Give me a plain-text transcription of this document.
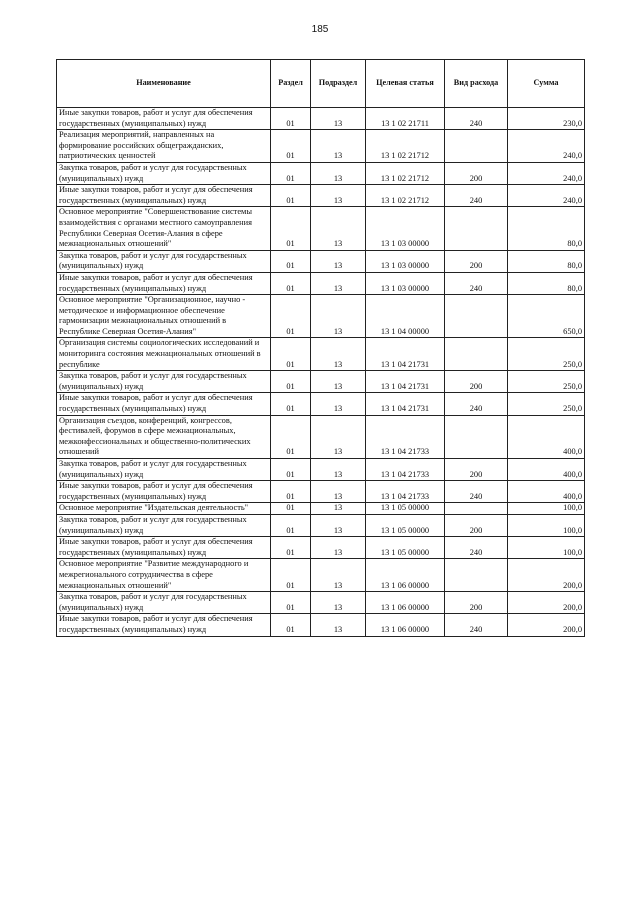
185
Наименование	Раздел	Подраздел	Целевая статья	Вид расхода	Сумма
Иные закупки товаров, работ и услуг для обеспечения государственных (муниципальных) нужд	01	13	13 1 02 21711	240	230,0
Реализация мероприятий, направленных на формирование российских общегражданских, патриотических ценностей	01	13	13 1 02 21712		240,0
Закупка товаров, работ и услуг для государственных (муниципальных) нужд	01	13	13 1 02 21712	200	240,0
Иные закупки товаров, работ и услуг для обеспечения государственных (муниципальных) нужд	01	13	13 1 02 21712	240	240,0
Основное мероприятие "Совершенствование системы взаимодействия с органами местного самоуправления Республики Северная Осетия-Алания в сфере межнациональных отношений"	01	13	13 1 03 00000		80,0
Закупка товаров, работ и услуг для государственных (муниципальных) нужд	01	13	13 1 03 00000	200	80,0
Иные закупки товаров, работ и услуг для обеспечения государственных (муниципальных) нужд	01	13	13 1 03 00000	240	80,0
Основное мероприятие "Организационное, научно - методическое и информационное обеспечение гармонизации межнациональных отношений в Республике Северная Осетия-Алания"	01	13	13 1 04 00000		650,0
Организация системы социологических исследований и мониторинга состояния межнациональных отношений в республике	01	13	13 1 04 21731		250,0
Закупка товаров, работ и услуг для государственных (муниципальных) нужд	01	13	13 1 04 21731	200	250,0
Иные закупки товаров, работ и услуг для обеспечения государственных (муниципальных) нужд	01	13	13 1 04 21731	240	250,0
Организация съездов, конференций, конгрессов, фестивалей, форумов в сфере межнациональных, межконфессиональных и общественно-политических отношений	01	13	13 1 04 21733		400,0
Закупка товаров, работ и услуг для государственных (муниципальных) нужд	01	13	13 1 04 21733	200	400,0
Иные закупки товаров, работ и услуг для обеспечения государственных (муниципальных) нужд	01	13	13 1 04 21733	240	400,0
Основное мероприятие "Издательская деятельность"	01	13	13 1 05 00000		100,0
Закупка товаров, работ и услуг для государственных (муниципальных) нужд	01	13	13 1 05 00000	200	100,0
Иные закупки товаров, работ и услуг для обеспечения государственных (муниципальных) нужд	01	13	13 1 05 00000	240	100,0
Основное мероприятие "Развитие международного и межрегионального сотрудничества в сфере межнациональных отношений"	01	13	13 1 06 00000		200,0
Закупка товаров, работ и услуг для государственных (муниципальных) нужд	01	13	13 1 06 00000	200	200,0
Иные закупки товаров, работ и услуг для обеспечения государственных (муниципальных) нужд	01	13	13 1 06 00000	240	200,0
